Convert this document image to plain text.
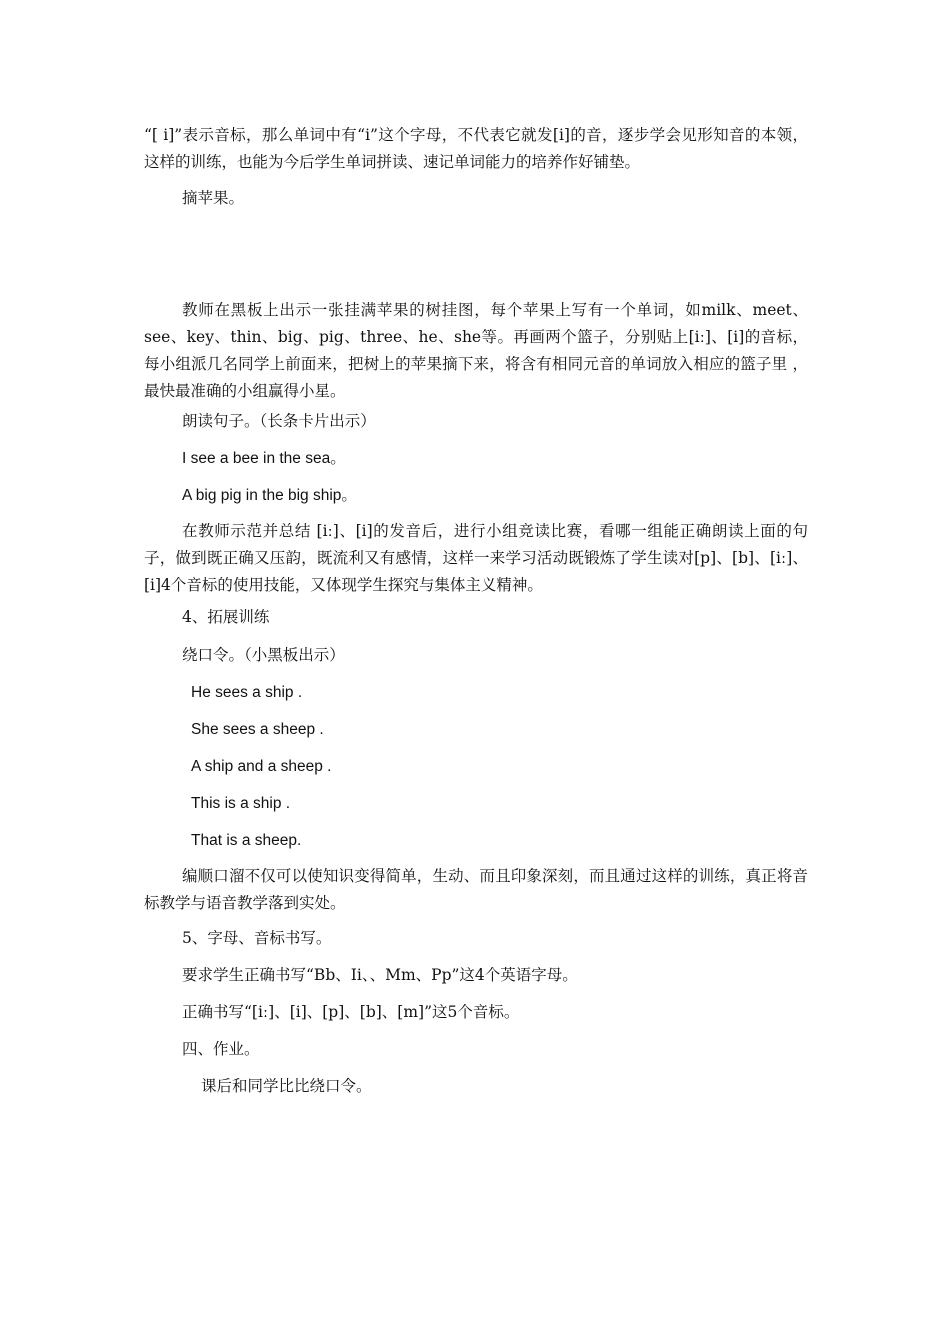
“[ i]”表示音标，那么单词中有“i”这个字母，不代表它就发[i]的音，逐步学会见形知音的本领，这样的训练，也能为今后学生单词拼读、速记单词能力的培养作好铺垫。

摘苹果。

教师在黑板上出示一张挂满苹果的树挂图，每个苹果上写有一个单词，如milk、meet、see、key、thin、big、pig、three、he、she等。再画两个篮子，分别贴上[iː]、[i]的音标，每小组派几名同学上前面来，把树上的苹果摘下来，将含有相同元音的单词放入相应的篮子里 ，最快最准确的小组赢得小星。

朗读句子。（长条卡片出示）

I see a bee in the sea。

A big pig in the big ship。

在教师示范并总结 [iː]、[i]的发音后，进行小组竞读比赛，看哪一组能正确朗读上面的句子，做到既正确又压韵，既流利又有感情，这样一来学习活动既锻炼了学生读对[p]、[b]、[iː]、[i]4个音标的使用技能，又体现学生探究与集体主义精神。

4、拓展训练

绕口令。（小黑板出示）

He sees a ship .

She sees a sheep .

A ship and a sheep .

This is a ship .

That is a sheep.

编顺口溜不仅可以使知识变得简单，生动、而且印象深刻，而且通过这样的训练，真正将音标教学与语音教学落到实处。

5、字母、音标书写。

要求学生正确书写“Bb、Ii、、Mm、Pp”这4个英语字母。

正确书写“[iː]、[i]、[p]、[b]、[m]”这5个音标。

四、作业。

课后和同学比比绕口令。
